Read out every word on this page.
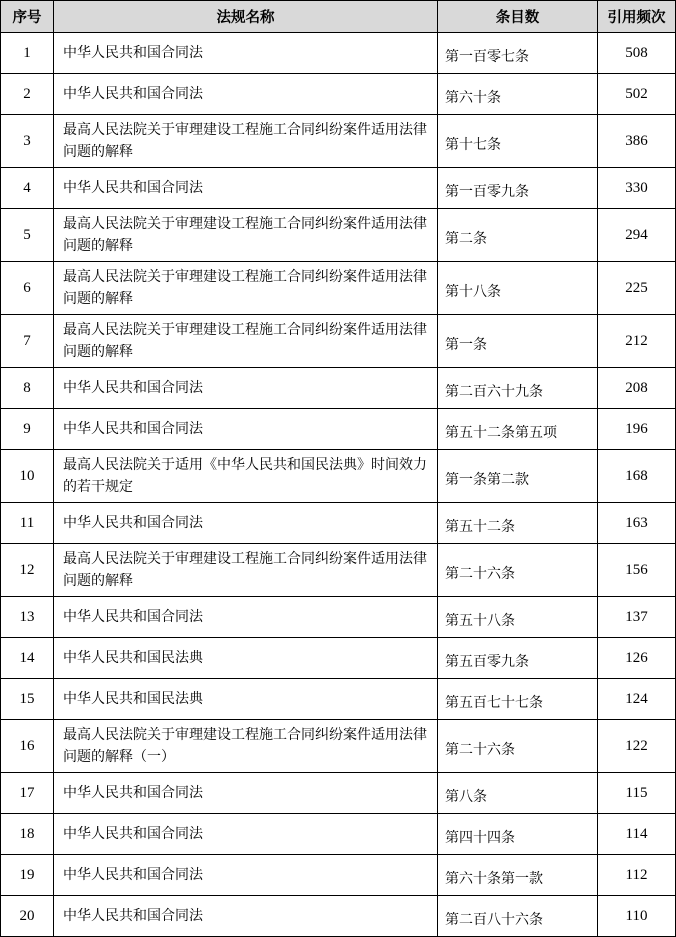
序号	法规名称	条目数	引用频次
1	中华人民共和国合同法	第一百零七条	508
2	中华人民共和国合同法	第六十条	502
3	最高人民法院关于审理建设工程施工合同纠纷案件适用法律问题的解释	第十七条	386
4	中华人民共和国合同法	第一百零九条	330
5	最高人民法院关于审理建设工程施工合同纠纷案件适用法律问题的解释	第二条	294
6	最高人民法院关于审理建设工程施工合同纠纷案件适用法律问题的解释	第十八条	225
7	最高人民法院关于审理建设工程施工合同纠纷案件适用法律问题的解释	第一条	212
8	中华人民共和国合同法	第二百六十九条	208
9	中华人民共和国合同法	第五十二条第五项	196
10	最高人民法院关于适用《中华人民共和国民法典》时间效力的若干规定	第一条第二款	168
11	中华人民共和国合同法	第五十二条	163
12	最高人民法院关于审理建设工程施工合同纠纷案件适用法律问题的解释	第二十六条	156
13	中华人民共和国合同法	第五十八条	137
14	中华人民共和国民法典	第五百零九条	126
15	中华人民共和国民法典	第五百七十七条	124
16	最高人民法院关于审理建设工程施工合同纠纷案件适用法律问题的解释（一）	第二十六条	122
17	中华人民共和国合同法	第八条	115
18	中华人民共和国合同法	第四十四条	114
19	中华人民共和国合同法	第六十条第一款	112
20	中华人民共和国合同法	第二百八十六条	110
